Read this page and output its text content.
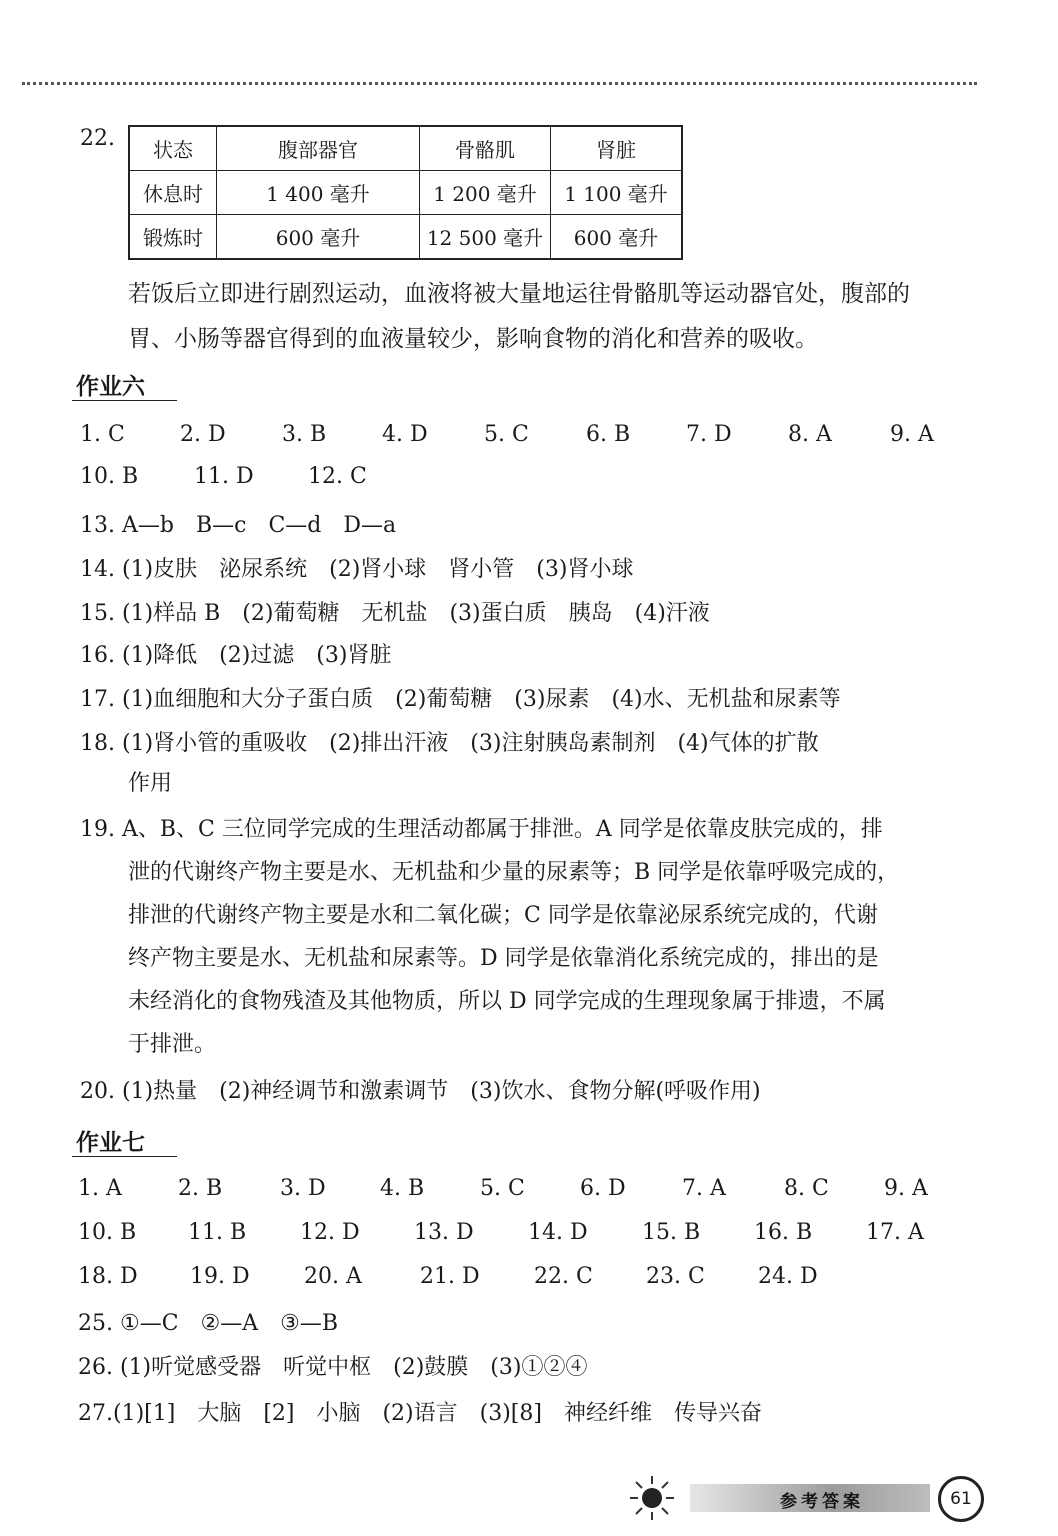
22. 状态	腹部器官	骨骼肌	肾脏
休息时	1 400 毫升	1 200 毫升	1 100 毫升
锻炼时	600 毫升	12 500 毫升	600 毫升
若饭后立即进行剧烈运动，血液将被大量地运往骨骼肌等运动器官处，腹部的
胃、小肠等器官得到的血液量较少，影响食物的消化和营养的吸收。
作业六
1. C	2. D	3. B	4. D	5. C	6. B	7. D	8. A	9. A
10. B	11. D 12. C
13. A—b　B—c　C—d　D—a
14. (1)皮肤　泌尿系统　(2)肾小球　肾小管　(3)肾小球
15. (1)样品 B　(2)葡萄糖　无机盐　(3)蛋白质　胰岛　(4)汗液
16. (1)降低　(2)过滤　(3)肾脏
17. (1)血细胞和大分子蛋白质　(2)葡萄糖　(3)尿素　(4)水、无机盐和尿素等
18. (1)肾小管的重吸收　(2)排出汗液　(3)注射胰岛素制剂　(4)气体的扩散
作用
19. A、B、C 三位同学完成的生理活动都属于排泄。A 同学是依靠皮肤完成的，排
泄的代谢终产物主要是水、无机盐和少量的尿素等；B 同学是依靠呼吸完成的，
排泄的代谢终产物主要是水和二氧化碳；C 同学是依靠泌尿系统完成的，代谢
终产物主要是水、无机盐和尿素等。D 同学是依靠消化系统完成的，排出的是
未经消化的食物残渣及其他物质，所以 D 同学完成的生理现象属于排遗，不属
于排泄。
20. (1)热量　(2)神经调节和激素调节　(3)饮水、食物分解(呼吸作用)
作业七
1. A	2. B	3. D 4. B	5. C	6. D	7. A	8. C	9. A
10. B 11. B 12. D 13. D 14. D 15. B 16. B 17. A
18. D 19. D 20. A	21. D 22. C 23. C 24. D
25. ①—C　②—A　③—B
26. (1)听觉感受器　听觉中枢　(2)鼓膜　(3)①②④
27.(1)[1]　大脑　[2]　小脑　(2)语言　(3)[8]　神经纤维　传导兴奋
参考答案	61
